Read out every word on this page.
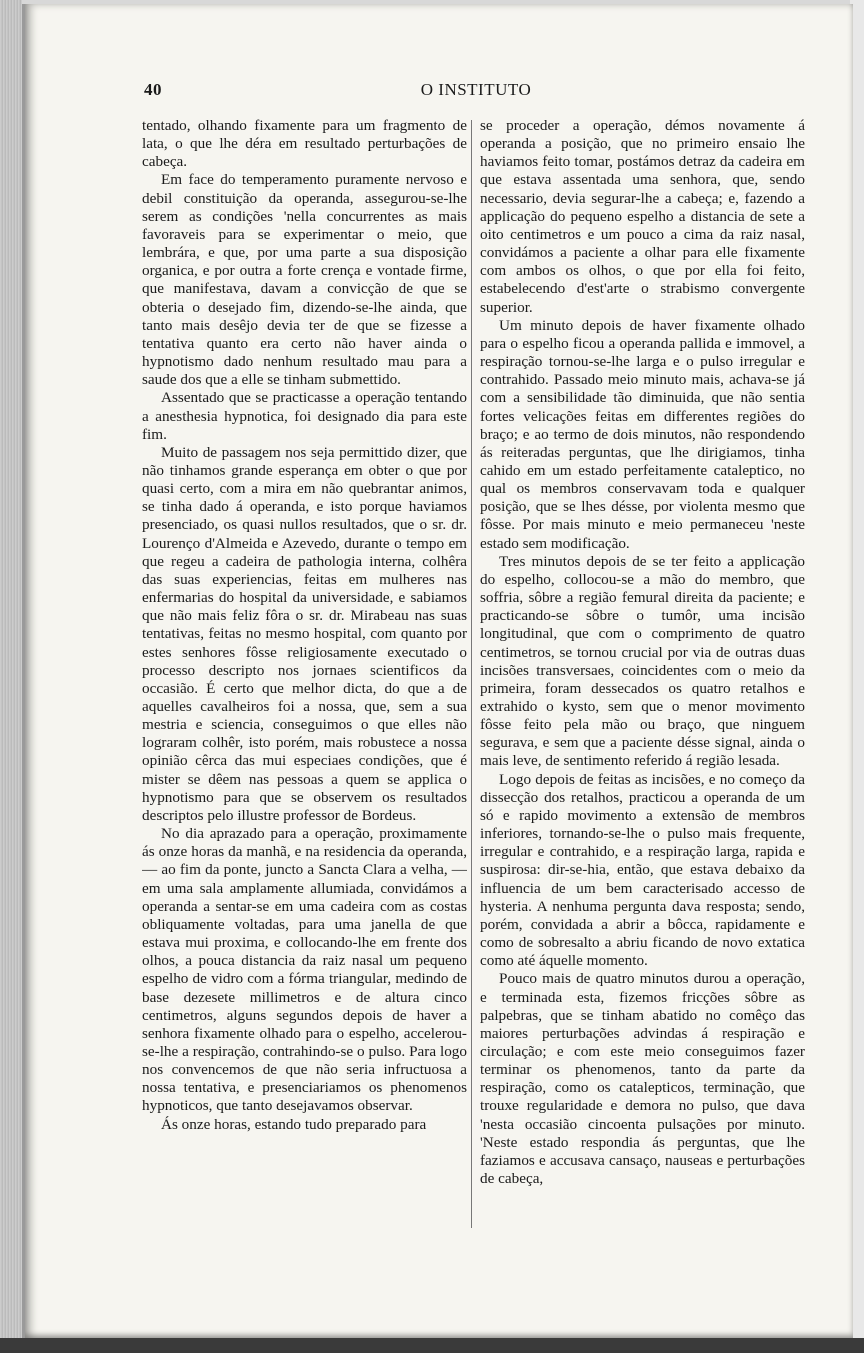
40	O INSTITUTO

tentado, olhando fixamente para um fragmento de lata, o que lhe déra em resultado perturbações de cabeça.

Em face do temperamento puramente nervoso e debil constituição da operanda, assegurou-se-lhe serem as condições 'nella concurrentes as mais favoraveis para se experimentar o meio, que lembrára, e que, por uma parte a sua disposição organica, e por outra a forte crença e vontade firme, que manifestava, davam a convicção de que se obteria o desejado fim, dizendo-se-lhe ainda, que tanto mais desêjo devia ter de que se fizesse a tentativa quanto era certo não haver ainda o hypnotismo dado nenhum resultado mau para a saude dos que a elle se tinham submettido.

Assentado que se practicasse a operação tentando a anesthesia hypnotica, foi designado dia para este fim.

Muito de passagem nos seja permittido dizer, que não tinhamos grande esperança em obter o que por quasi certo, com a mira em não quebrantar animos, se tinha dado á operanda, e isto porque haviamos presenciado, os quasi nullos resultados, que o sr. dr. Lourenço d'Almeida e Azevedo, durante o tempo em que regeu a cadeira de pathologia interna, colhêra das suas experiencias, feitas em mulheres nas enfermarias do hospital da universidade, e sabiamos que não mais feliz fôra o sr. dr. Mirabeau nas suas tentativas, feitas no mesmo hospital, com quanto por estes senhores fôsse religiosamente executado o processo descripto nos jornaes scientificos da occasião. É certo que melhor dicta, do que a de aquelles cavalheiros foi a nossa, que, sem a sua mestria e sciencia, conseguimos o que elles não lograram colhêr, isto porém, mais robustece a nossa opinião cêrca das mui especiaes condições, que é mister se dêem nas pessoas a quem se applica o hypnotismo para que se observem os resultados descriptos pelo illustre professor de Bordeus.

No dia aprazado para a operação, proximamente ás onze horas da manhã, e na residencia da operanda, — ao fim da ponte, juncto a Sancta Clara a velha, — em uma sala amplamente allumiada, convidámos a operanda a sentar-se em uma cadeira com as costas obliquamente voltadas, para uma janella de que estava mui proxima, e collocando-lhe em frente dos olhos, a pouca distancia da raiz nasal um pequeno espelho de vidro com a fórma triangular, medindo de base dezesete millimetros e de altura cinco centimetros, alguns segundos depois de haver a senhora fixamente olhado para o espelho, accelerou-se-lhe a respiração, contrahindo-se o pulso. Para logo nos convencemos de que não seria infructuosa a nossa tentativa, e presenciariamos os phenomenos hypnoticos, que tanto desejavamos observar.

Ás onze horas, estando tudo preparado para

se proceder a operação, démos novamente á operanda a posição, que no primeiro ensaio lhe haviamos feito tomar, postámos detraz da cadeira em que estava assentada uma senhora, que, sendo necessario, devia segurar-lhe a cabeça; e, fazendo a applicação do pequeno espelho a distancia de sete a oito centimetros e um pouco a cima da raiz nasal, convidámos a paciente a olhar para elle fixamente com ambos os olhos, o que por ella foi feito, estabelecendo d'est'arte o strabismo convergente superior.

Um minuto depois de haver fixamente olhado para o espelho ficou a operanda pallida e immovel, a respiração tornou-se-lhe larga e o pulso irregular e contrahido. Passado meio minuto mais, achava-se já com a sensibilidade tão diminuida, que não sentia fortes velicações feitas em differentes regiões do braço; e ao termo de dois minutos, não respondendo ás reiteradas perguntas, que lhe dirigiamos, tinha cahido em um estado perfeitamente catalepticо, no qual os membros conservavam toda e qualquer posição, que se lhes désse, por violenta mesmo que fôsse. Por mais minuto e meio permaneceu 'neste estado sem modificação.

Tres minutos depois de se ter feito a applicação do espelho, collocou-se a mão do membro, que soffria, sôbre a região femural direita da paciente; e practicando-se sôbre o tumôr, uma incisão longitudinal, que com o comprimento de quatro centimetros, se tornou crucial por via de outras duas incisões transversaes, coincidentes com o meio da primeira, foram dessecados os quatro retalhos e extrahido o kysto, sem que o menor movimento fôsse feito pela mão ou braço, que ninguem segurava, e sem que a paciente désse signal, ainda o mais leve, de sentimento referido á região lesada.

Logo depois de feitas as incisões, e no começo da dissecção dos retalhos, practicou a operanda de um só e rapido movimento a extensão de membros inferiores, tornando-se-lhe o pulso mais frequente, irregular e contrahido, e a respiração larga, rapida e suspirosa: dir-se-hia, então, que estava debaixo da influencia de um bem caracterisado accesso de hysteria. A nenhuma pergunta dava resposta; sendo, porém, convidada a abrir a bôcca, rapidamente e como de sobresalto a abriu ficando de novo extatica como até áquelle momento.

Pouco mais de quatro minutos durou a operação, e terminada esta, fizemos fricções sôbre as palpebras, que se tinham abatido no comêço das maiores perturbações advindas á respiração e circulação; e com este meio conseguimos fazer terminar os phenomenos, tanto da parte da respiração, como os catalepticos, terminação, que trouxe regularidade e demora no pulso, que dava 'nesta occasião cincoenta pulsações por minuto. 'Neste estado respondia ás perguntas, que lhe faziamos e accusava cansaço, nauseas e perturbações de cabeça,
